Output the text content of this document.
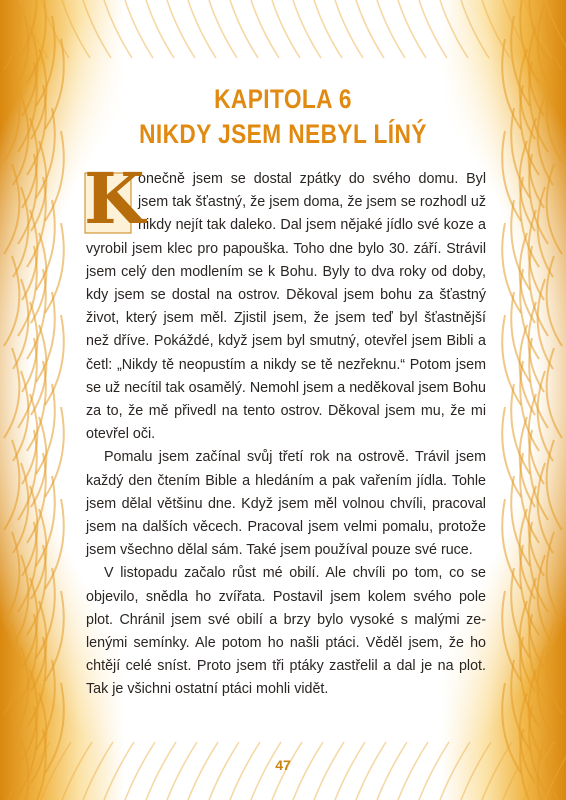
KAPITOLA 6
NIKDY JSEM NEBYL LÍNÝ

K
onečně jsem se dostal zpátky do svého domu. Byl jsem tak šťastný, že jsem doma, že jsem se rozhodl už nikdy nejít tak daleko. Dal jsem nějaké jídlo své koze a vyrobil jsem klec pro papouška. Toho dne bylo 30. září. Strávil jsem celý den modlením se k Bohu. Byly to dva roky od doby, kdy jsem se dostal na ostrov. Děkoval jsem bohu za šťastný život, který jsem měl. Zjistil jsem, že jsem teď byl šťastnější než dříve. Pokáždé, když jsem byl smutný, otevřel jsem Bibli a četl: „Nikdy tě neopustím a nikdy se tě nezřeknu.“ Potom jsem se už necítil tak osamělý. Nemohl jsem a neděkoval jsem Bohu za to, že mě přivedl na tento ostrov. Děkoval jsem mu, že mi otevřel oči.

Pomalu jsem začínal svůj třetí rok na ostrově. Trávil jsem každý den čtením Bible a hledáním a pak vařením jídla. Tohle jsem dělal většinu dne. Když jsem měl volnou chvíli, pracoval jsem na dalších věcech. Pracoval jsem velmi pomalu, protože jsem všechno dělal sám. Také jsem používal pouze své ruce.

V listopadu začalo růst mé obilí. Ale chvíli po tom, co se objevilo, snědla ho zvířata. Postavil jsem kolem svého pole plot. Chránil jsem své obilí a brzy bylo vysoké s malými zelenými semínky. Ale potom ho našli ptáci. Věděl jsem, že ho chtějí celé sníst. Proto jsem tři ptáky zastřelil a dal je na plot. Tak je všichni ostatní ptáci mohli vidět.

47
